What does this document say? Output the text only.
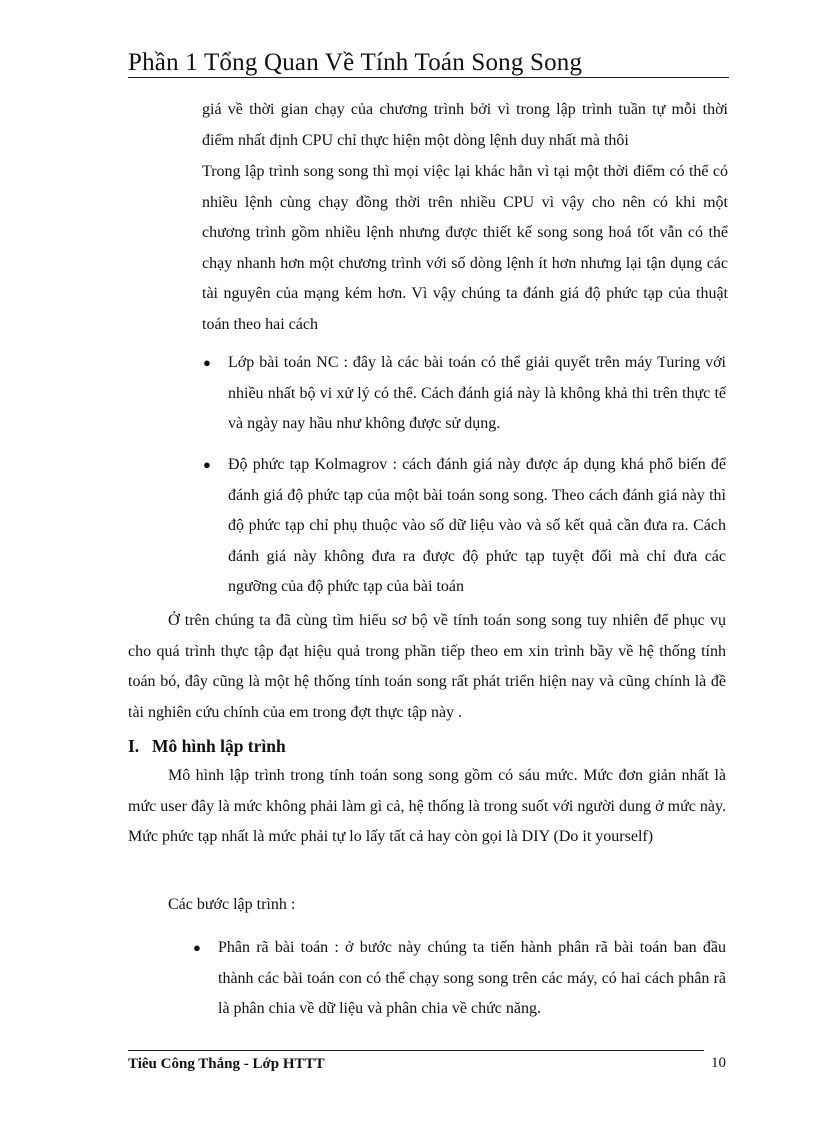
Phần 1 Tổng Quan Về Tính Toán Song Song
giá về thời gian chạy của chương trình bởi vì trong lập trình tuần tự mỗi thời điểm nhất định CPU chỉ thực hiện một dòng lệnh duy nhất mà thôi
Trong lập trình song song thì mọi việc lại khác hẳn vì tại một thời điểm có thể có nhiều lệnh cùng chạy đồng thời trên nhiều CPU vì vậy cho nên có khi một chương trình gồm nhiều lệnh nhưng được thiết kế song song hoá tốt vẫn có thể chạy nhanh hơn một chương trình với số dòng lệnh ít hơn nhưng lại tận dụng các tài nguyên của mạng kém hơn. Vì vậy chúng ta đánh giá độ phức tạp của thuật toán theo hai cách
● Lớp bài toán NC : đây là các bài toán có thể giải quyết trên máy Turing với nhiều nhất bộ vi xử lý có thể. Cách đánh giá này là không khả thi trên thực tế và ngày nay hầu như không được sử dụng.
● Độ phức tạp Kolmagrov : cách đánh giá này được áp dụng khá phổ biến để đánh giá độ phức tạp của một bài toán song song. Theo cách đánh giá này thì độ phức tạp chỉ phụ thuộc vào số dữ liệu vào và số kết quả cần đưa ra. Cách đánh giá này không đưa ra được độ phức tạp tuyệt đối mà chỉ đưa các ngưỡng của độ phức tạp của bài toán
Ở trên chúng ta đã cùng tìm hiểu sơ bộ về tính toán song song tuy nhiên để phục vụ cho quá trình thực tập đạt hiệu quả trong phần tiếp theo em xin trình bầy về hệ thống tính toán bó, đây cũng là một hệ thống tính toán song rất phát triển hiện nay và cũng chính là đề tài nghiên cứu chính của em trong đợt thực tập này .
I. Mô hình lập trình
Mô hình lập trình trong tính toán song song gồm có sáu mức. Mức đơn giản nhất là mức user đây là mức không phải làm gì cả, hệ thống là trong suốt với người dung ở mức này. Mức phức tạp nhất là mức phải tự lo lấy tất cả hay còn gọi là DIY (Do it yourself)
Các bước lập trình :
● Phân rã bài toán : ở bước này chúng ta tiến hành phân rã bài toán ban đầu thành các bài toán con có thể chạy song song trên các máy, có hai cách phân rã là phân chia về dữ liệu và phân chia về chức năng.
Tiêu Công Thắng - Lớp HTTT	10
